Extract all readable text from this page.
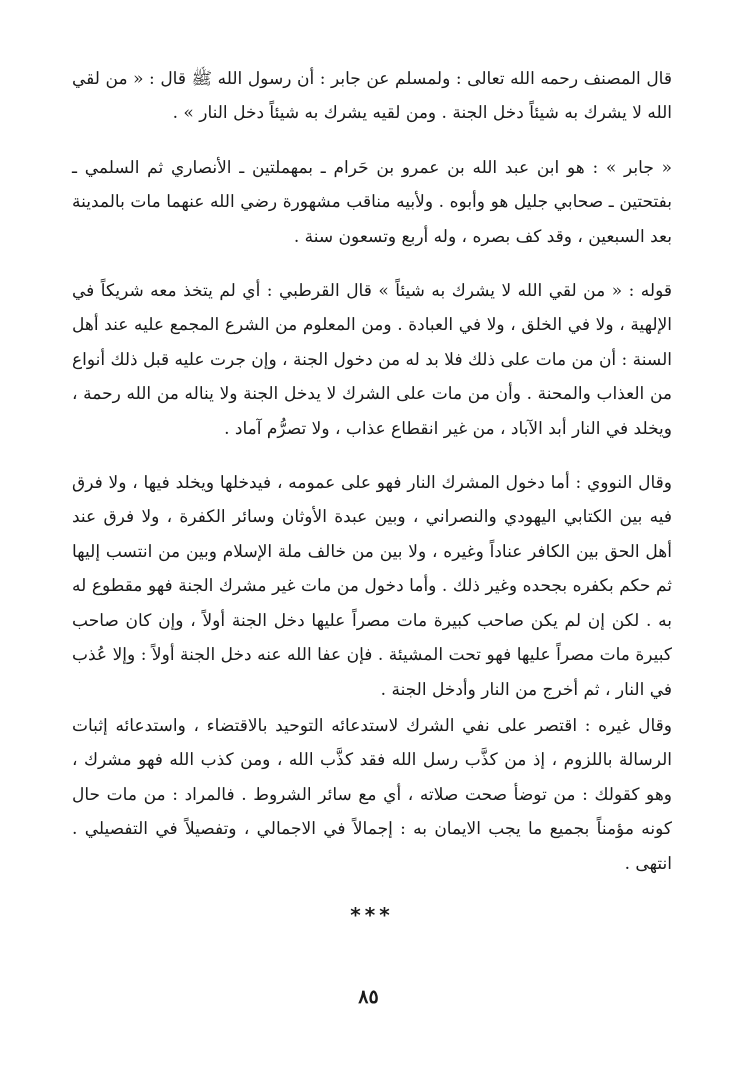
قال المصنف رحمه الله تعالى : ولمسلم عن جابر : أن رسول الله ﷺ قال : « من لقي الله لا يشرك به شيئاً دخل الجنة . ومن لقيه يشرك به شيئاً دخل النار » .

« جابر » : هو ابن عبد الله بن عمرو بن حَرام ـ بمهملتين ـ الأنصاري ثم السلمي ـ بفتحتين ـ صحابي جليل هو وأبوه . ولأبيه مناقب مشهورة رضي الله عنهما مات بالمدينة بعد السبعين ، وقد كف بصره ، وله أربع وتسعون سنة .

قوله : « من لقي الله لا يشرك به شيئاً » قال القرطبي : أي لم يتخذ معه شريكاً في الإلهية ، ولا في الخلق ، ولا في العبادة . ومن المعلوم من الشرع المجمع عليه عند أهل السنة : أن من مات على ذلك فلا بد له من دخول الجنة ، وإن جرت عليه قبل ذلك أنواع من العذاب والمحنة . وأن من مات على الشرك لا يدخل الجنة ولا يناله من الله رحمة ، ويخلد في النار أبد الآباد ، من غير انقطاع عذاب ، ولا تصرُّم آماد .

وقال النووي : أما دخول المشرك النار فهو على عمومه ، فيدخلها ويخلد فيها ، ولا فرق فيه بين الكتابي اليهودي والنصراني ، وبين عبدة الأوثان وسائر الكفرة ، ولا فرق عند أهل الحق بين الكافر عناداً وغيره ، ولا بين من خالف ملة الإسلام وبين من انتسب إليها ثم حكم بكفره بجحده وغير ذلك . وأما دخول من مات غير مشرك الجنة فهو مقطوع له به . لكن إن لم يكن صاحب كبيرة مات مصراً عليها دخل الجنة أولاً ، وإن كان صاحب كبيرة مات مصراً عليها فهو تحت المشيئة . فإن عفا الله عنه دخل الجنة أولاً : وإلا عُذب في النار ، ثم أخرج من النار وأدخل الجنة .

وقال غيره : اقتصر على نفي الشرك لاستدعائه التوحيد بالاقتضاء ، واستدعائه إثبات الرسالة باللزوم ، إذ من كذَّب رسل الله فقد كذَّب الله ، ومن كذب الله فهو مشرك ، وهو كقولك : من توضأ صحت صلاته ، أي مع سائر الشروط . فالمراد : من مات حال كونه مؤمناً بجميع ما يجب الايمان به : إجمالاً في الاجمالي ، وتفصيلاً في التفصيلي . انتهى .

***
٨٥
